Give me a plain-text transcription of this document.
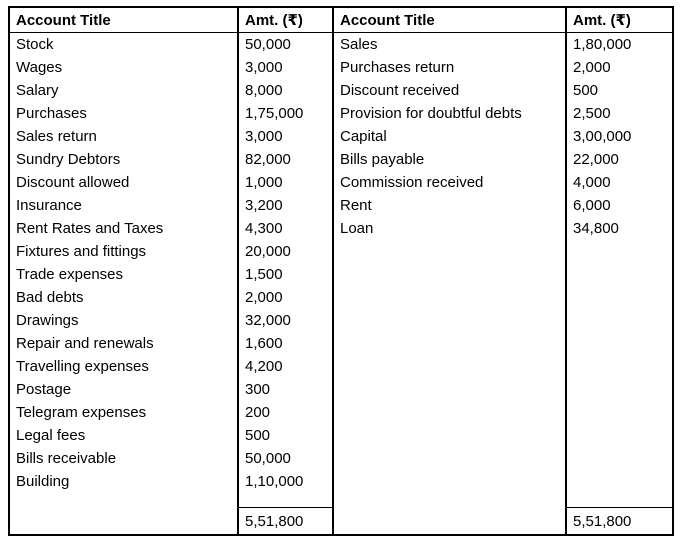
Account Title	Amt. (₹)	Account Title	Amt. (₹)
Stock	50,000	Sales	1,80,000
Wages	3,000	Purchases return	2,000
Salary	8,000	Discount received	500
Purchases	1,75,000	Provision for doubtful debts	2,500
Sales return	3,000	Capital	3,00,000
Sundry Debtors	82,000	Bills payable	22,000
Discount allowed	1,000	Commission received	4,000
Insurance	3,200	Rent	6,000
Rent Rates and Taxes	4,300	Loan	34,800
Fixtures and fittings	20,000		
Trade expenses	1,500		
Bad debts	2,000		
Drawings	32,000		
Repair and renewals	1,600		
Travelling expenses	4,200		
Postage	300		
Telegram expenses	200		
Legal fees	500		
Bills receivable	50,000		
Building	1,10,000		

	5,51,800		5,51,800
